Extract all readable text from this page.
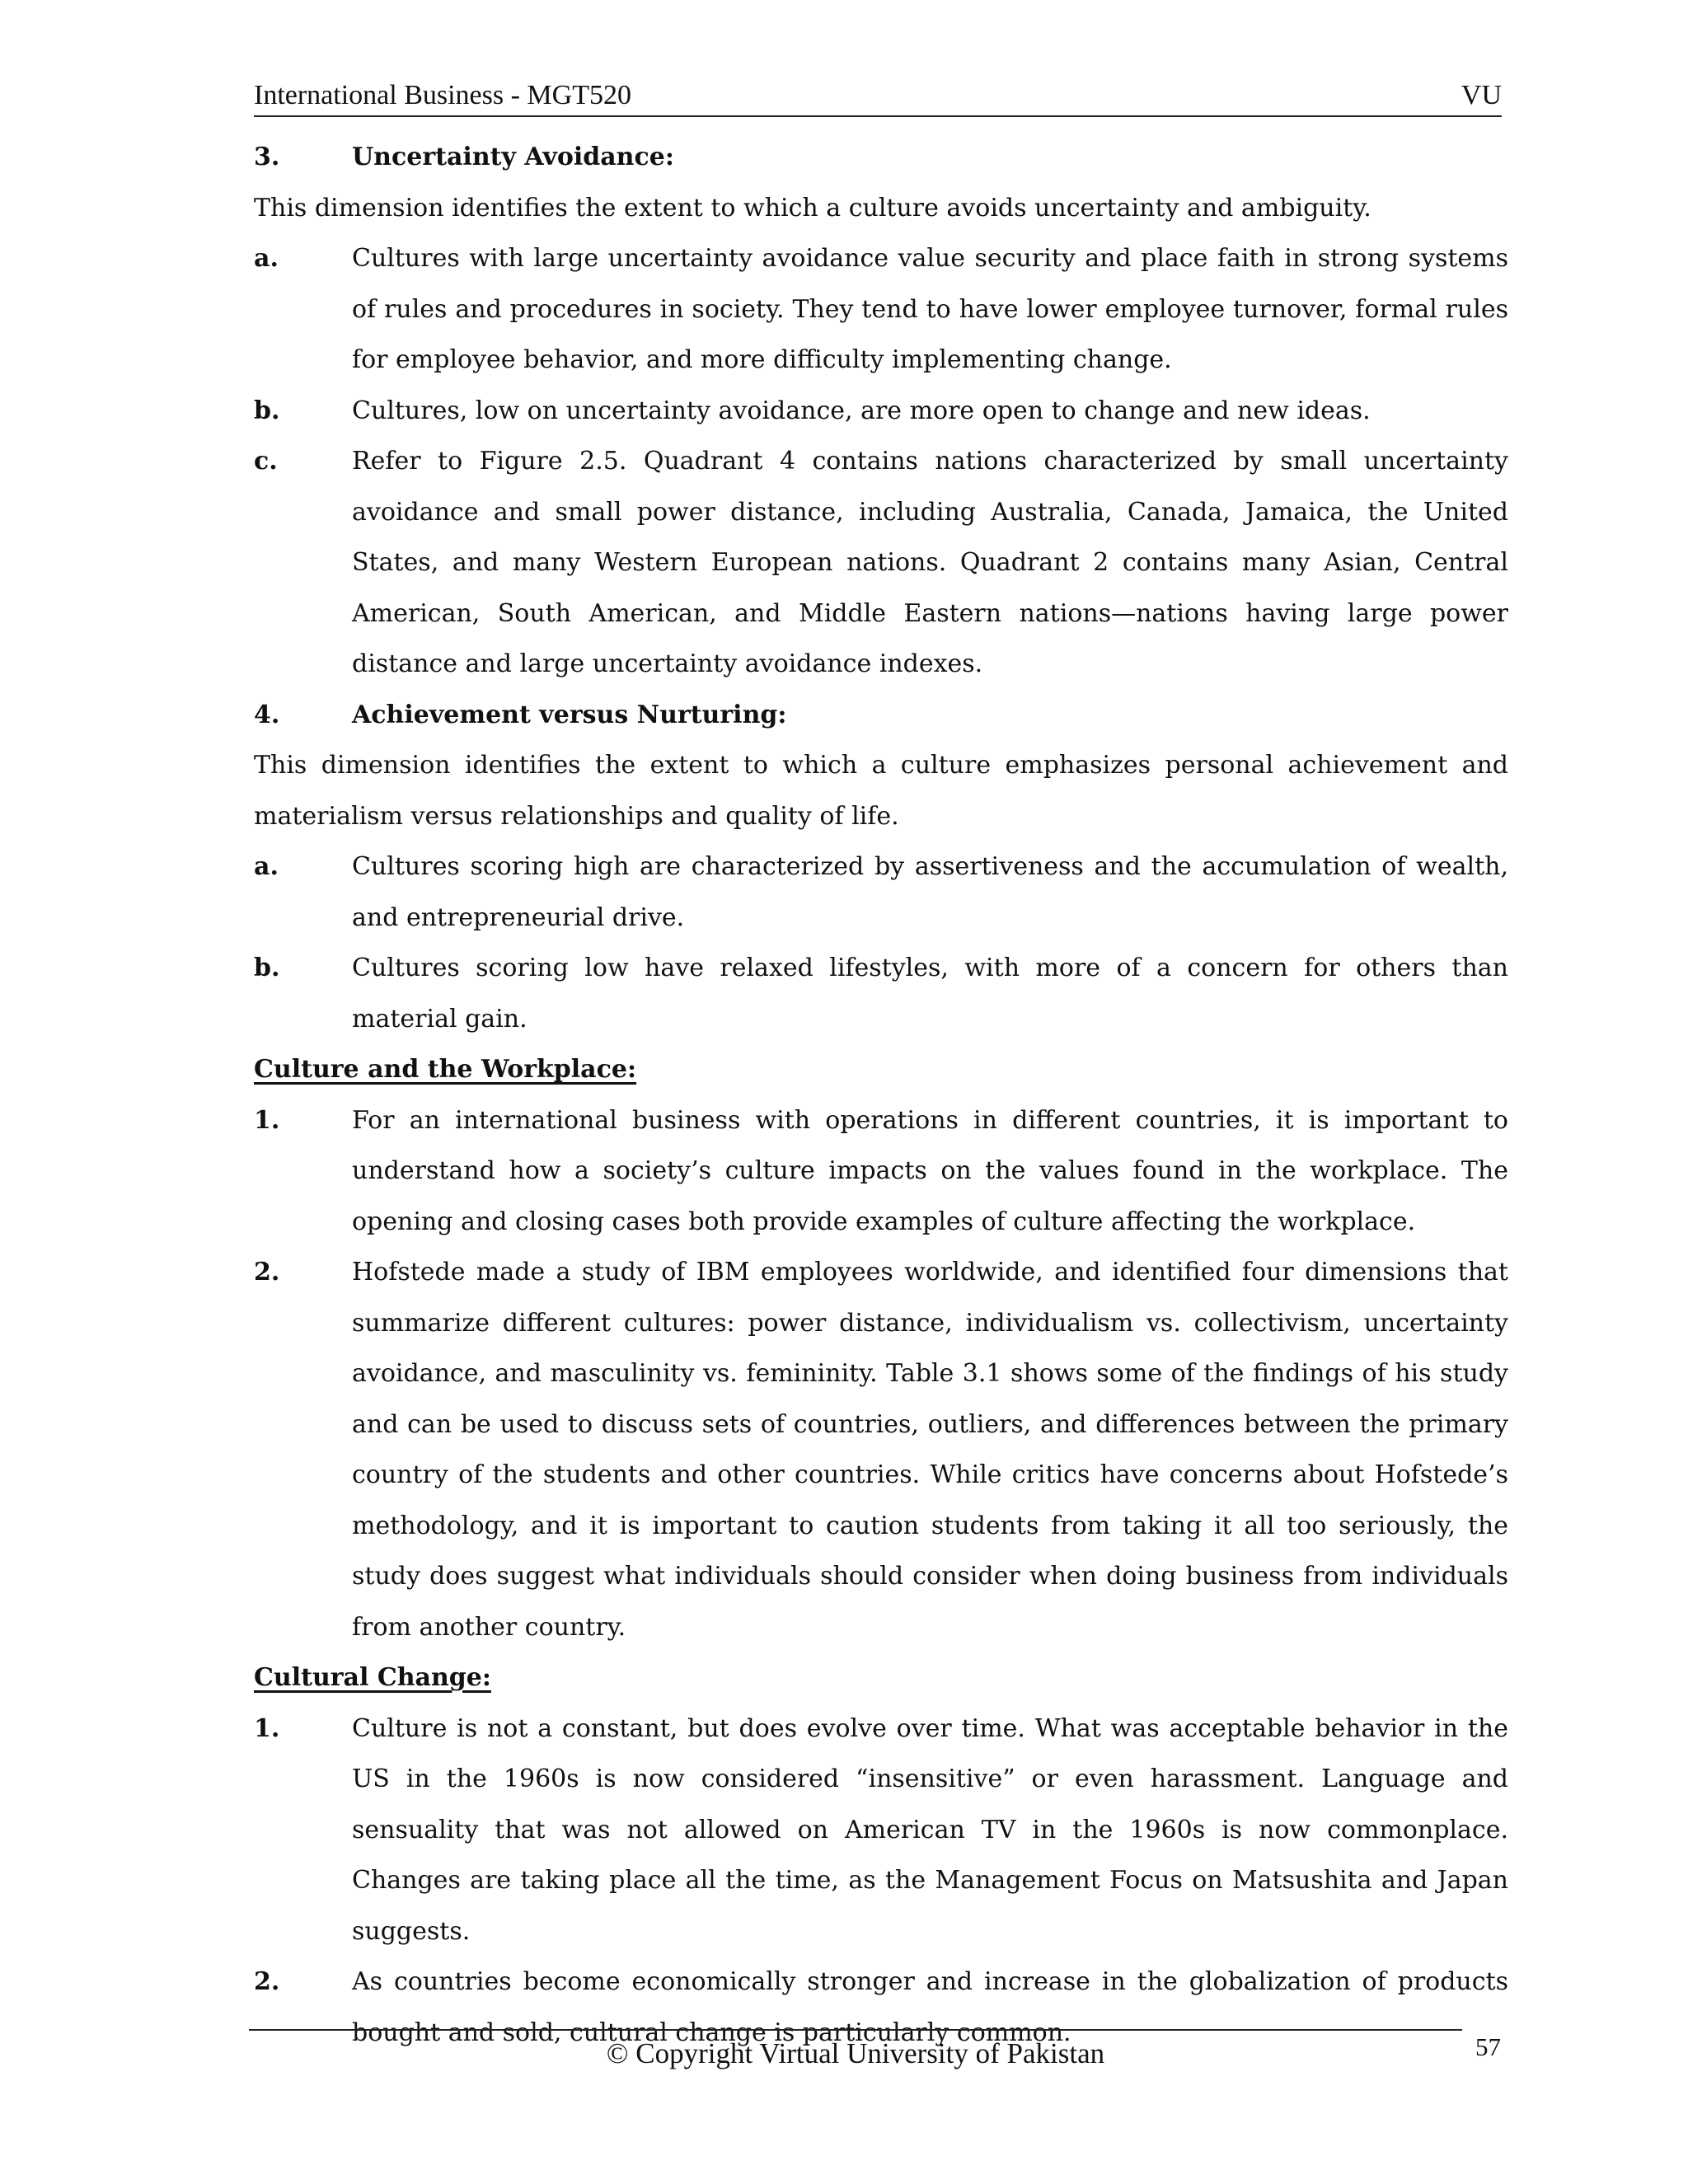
International Business - MGT520	VU
3.	Uncertainty Avoidance:

This dimension identifies the extent to which a culture avoids uncertainty and ambiguity.

a.	Cultures with large uncertainty avoidance value security and place faith in strong systems of rules and procedures in society. They tend to have lower employee turnover, formal rules for employee behavior, and more difficulty implementing change.
b.	Cultures, low on uncertainty avoidance, are more open to change and new ideas.
c.	Refer to Figure 2.5. Quadrant 4 contains nations characterized by small uncertainty avoidance and small power distance, including Australia, Canada, Jamaica, the United States, and many Western European nations. Quadrant 2 contains many Asian, Central American, South American, and Middle Eastern nations—nations having large power distance and large uncertainty avoidance indexes.
4.	Achievement versus Nurturing:

This dimension identifies the extent to which a culture emphasizes personal achievement and materialism versus relationships and quality of life.

a.	Cultures scoring high are characterized by assertiveness and the accumulation of wealth, and entrepreneurial drive.
b.	Cultures scoring low have relaxed lifestyles, with more of a concern for others than material gain.
Culture and the Workplace:
1.	For an international business with operations in different countries, it is important to understand how a society’s culture impacts on the values found in the workplace. The opening and closing cases both provide examples of culture affecting the workplace.
2.	Hofstede made a study of IBM employees worldwide, and identified four dimensions that summarize different cultures: power distance, individualism vs. collectivism, uncertainty avoidance, and masculinity vs. femininity. Table 3.1 shows some of the findings of his study and can be used to discuss sets of countries, outliers, and differences between the primary country of the students and other countries. While critics have concerns about Hofstede’s methodology, and it is important to caution students from taking it all too seriously, the study does suggest what individuals should consider when doing business from individuals from another country.
Cultural Change:
1.	Culture is not a constant, but does evolve over time. What was acceptable behavior in the US in the 1960s is now considered “insensitive” or even harassment. Language and sensuality that was not allowed on American TV in the 1960s is now commonplace. Changes are taking place all the time, as the Management Focus on Matsushita and Japan suggests.
2.	As countries become economically stronger and increase in the globalization of products bought and sold, cultural change is particularly common.
© Copyright Virtual University of Pakistan	57
